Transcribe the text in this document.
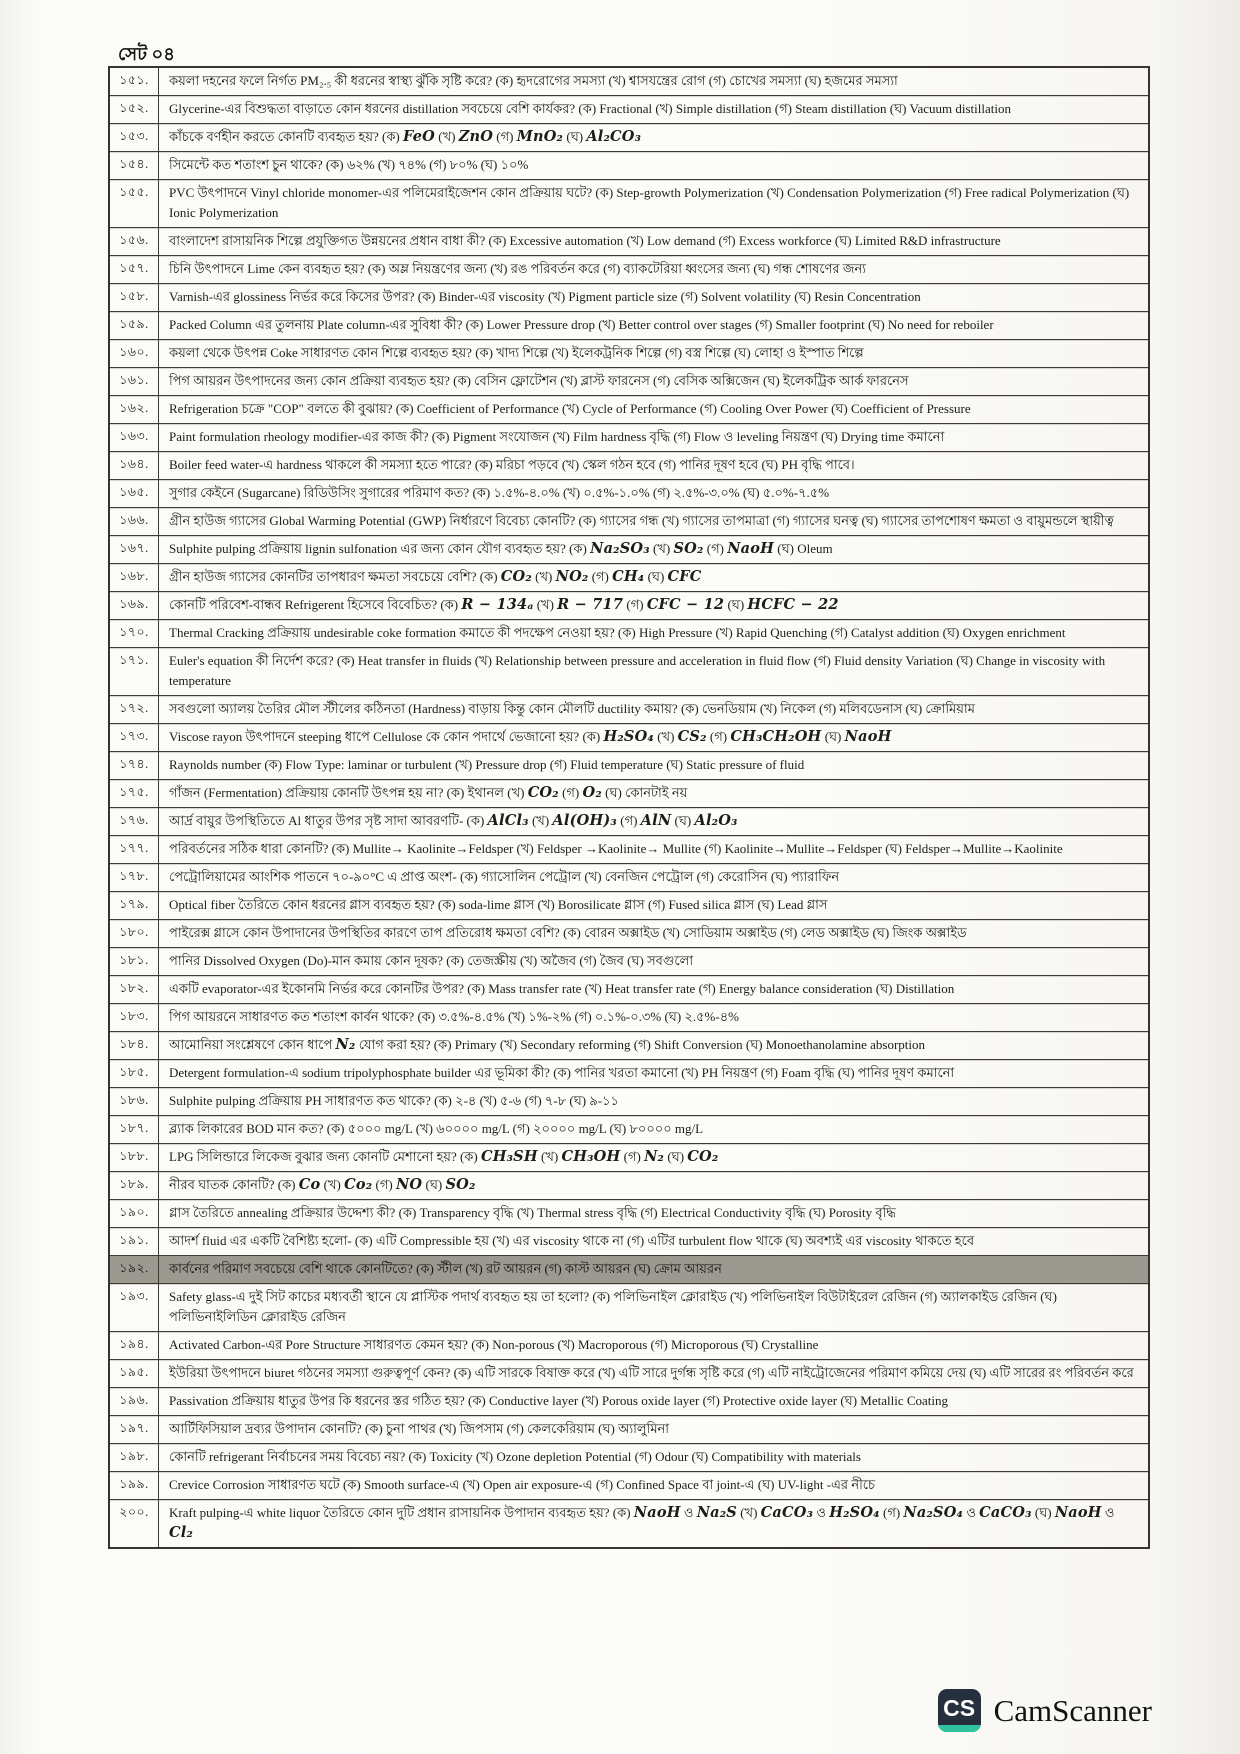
সেট ০৪
১৫১.	কয়লা দহনের ফলে নির্গত PM₂.₅ কী ধরনের স্বাস্থ্য ঝুঁকি সৃষ্টি করে? (ক) হৃদরোগের সমস্যা (খ) শ্বাসযন্ত্রের রোগ (গ) চোখের সমস্যা (ঘ) হজমের সমস্যা
১৫২.	Glycerine-এর বিশুদ্ধতা বাড়াতে কোন ধরনের distillation সবচেয়ে বেশি কার্যকর? (ক) Fractional (খ) Simple distillation (গ) Steam distillation (ঘ) Vacuum distillation
১৫৩.	কাঁচকে বর্ণহীন করতে কোনটি ব্যবহৃত হয়? (ক) FeO (খ) ZnO (গ) MnO₂ (ঘ) Al₂CO₃
১৫৪.	সিমেন্টে কত শতাংশ চুন থাকে? (ক) ৬২% (খ) ৭৪% (গ) ৮০% (ঘ) ১০%
১৫৫.	PVC উৎপাদনে Vinyl chloride monomer-এর পলিমেরাইজেশন কোন প্রক্রিয়ায় ঘটে? (ক) Step-growth Polymerization (খ) Condensation Polymerization (গ) Free radical Polymerization (ঘ) Ionic Polymerization
১৫৬.	বাংলাদেশ রাসায়নিক শিল্পে প্রযুক্তিগত উন্নয়নের প্রধান বাধা কী? (ক) Excessive automation (খ) Low demand (গ) Excess workforce (ঘ) Limited R&D infrastructure
১৫৭.	চিনি উৎপাদনে Lime কেন ব্যবহৃত হয়? (ক) অম্ল নিয়ন্ত্রণের জন্য (খ) রঙ পরিবর্তন করে (গ) ব্যাকটেরিয়া ধ্বংসের জন্য (ঘ) গন্ধ শোষণের জন্য
১৫৮.	Varnish-এর glossiness নির্ভর করে কিসের উপর? (ক) Binder-এর viscosity (খ) Pigment particle size (গ) Solvent volatility (ঘ) Resin Concentration
১৫৯.	Packed Column এর তুলনায় Plate column-এর সুবিধা কী? (ক) Lower Pressure drop (খ) Better control over stages (গ) Smaller footprint (ঘ) No need for reboiler
১৬০.	কয়লা থেকে উৎপন্ন Coke সাধারণত কোন শিল্পে ব্যবহৃত হয়? (ক) খাদ্য শিল্পে (খ) ইলেকট্রনিক শিল্পে (গ) বস্ত্র শিল্পে (ঘ) লোহা ও ইস্পাত শিল্পে
১৬১.	পিগ আয়রন উৎপাদনের জন্য কোন প্রক্রিয়া ব্যবহৃত হয়? (ক) বেসিন ফ্লোটেশন (খ) ব্লাস্ট ফারনেস (গ) বেসিক অক্সিজেন (ঘ) ইলেকট্রিক আর্ক ফারনেস
১৬২.	Refrigeration চক্রে "COP" বলতে কী বুঝায়? (ক) Coefficient of Performance (খ) Cycle of Performance (গ) Cooling Over Power (ঘ) Coefficient of Pressure
১৬৩.	Paint formulation rheology modifier-এর কাজ কী? (ক) Pigment সংযোজন (খ) Film hardness বৃদ্ধি (গ) Flow ও leveling নিয়ন্ত্রণ (ঘ) Drying time কমানো
১৬৪.	Boiler feed water-এ hardness থাকলে কী সমস্যা হতে পারে? (ক) মরিচা পড়বে (খ) স্কেল গঠন হবে (গ) পানির দূষণ হবে (ঘ) PH বৃদ্ধি পাবে।
১৬৫.	সুগার কেইনে (Sugarcane) রিডিউসিং সুগারের পরিমাণ কত? (ক) ১.৫%-৪.০% (খ) ০.৫%-১.০% (গ) ২.৫%-৩.০% (ঘ) ৫.০%-৭.৫%
১৬৬.	গ্রীন হাউজ গ্যাসের Global Warming Potential (GWP) নির্ধারণে বিবেচ্য কোনটি? (ক) গ্যাসের গন্ধ (খ) গ্যাসের তাপমাত্রা (গ) গ্যাসের ঘনত্ব (ঘ) গ্যাসের তাপশোষণ ক্ষমতা ও বায়ুমন্ডলে স্থায়ীত্ব
১৬৭.	Sulphite pulping প্রক্রিয়ায় lignin sulfonation এর জন্য কোন যৌগ ব্যবহৃত হয়? (ক) Na₂SO₃ (খ) SO₂ (গ) NaoH (ঘ) Oleum
১৬৮.	গ্রীন হাউজ গ্যাসের কোনটির তাপধারণ ক্ষমতা সবচেয়ে বেশি? (ক) CO₂ (খ) NO₂ (গ) CH₄ (ঘ) CFC
১৬৯.	কোনটি পরিবেশ-বান্ধব Refrigerent হিসেবে বিবেচিত? (ক) R − 134ₐ (খ) R − 717 (গ) CFC − 12 (ঘ) HCFC − 22
১৭০.	Thermal Cracking প্রক্রিয়ায় undesirable coke formation কমাতে কী পদক্ষেপ নেওয়া হয়? (ক) High Pressure (খ) Rapid Quenching (গ) Catalyst addition (ঘ) Oxygen enrichment
১৭১.	Euler's equation কী নির্দেশ করে? (ক) Heat transfer in fluids (খ) Relationship between pressure and acceleration in fluid flow (গ) Fluid density Variation (ঘ) Change in viscosity with temperature
১৭২.	সবগুলো অ্যালয় তৈরির মৌল স্টীলের কঠিনতা (Hardness) বাড়ায় কিন্তু কোন মৌলটি ductility কমায়? (ক) ভেনডিয়াম (খ) নিকেল (গ) মলিবডেনাস (ঘ) ক্রোমিয়াম
১৭৩.	Viscose rayon উৎপাদনে steeping ধাপে Cellulose কে কোন পদার্থে ভেজানো হয়? (ক) H₂SO₄ (খ) CS₂ (গ) CH₃CH₂OH (ঘ) NaoH
১৭৪.	Raynolds number (ক) Flow Type: laminar or turbulent (খ) Pressure drop (গ) Fluid temperature (ঘ) Static pressure of fluid
১৭৫.	গাঁজন (Fermentation) প্রক্রিয়ায় কোনটি উৎপন্ন হয় না? (ক) ইথানল (খ) CO₂ (গ) O₂ (ঘ) কোনটাই নয়
১৭৬.	আর্দ্র বায়ুর উপস্থিতিতে Al ধাতুর উপর সৃষ্ট সাদা আবরণটি- (ক) AlCl₃ (খ) Al(OH)₃ (গ) AlN (ঘ) Al₂O₃
১৭৭.	পরিবর্তনের সঠিক ধারা কোনটি? (ক) Mullite→ Kaolinite→Feldsper (খ) Feldsper →Kaolinite→ Mullite (গ) Kaolinite→Mullite→Feldsper (ঘ) Feldsper→Mullite→Kaolinite
১৭৮.	পেট্রোলিয়ামের আংশিক পাতনে ৭০-৯০°C এ প্রাপ্ত অংশ- (ক) গ্যাসোলিন পেট্রোল (খ) বেনজিন পেট্রোল (গ) কেরোসিন (ঘ) প্যারাফিন
১৭৯.	Optical fiber তৈরিতে কোন ধরনের গ্লাস ব্যবহৃত হয়? (ক) soda-lime গ্লাস (খ) Borosilicate গ্লাস (গ) Fused silica গ্লাস (ঘ) Lead গ্লাস
১৮০.	পাইরেক্স গ্লাসে কোন উপাদানের উপস্থিতির কারণে তাপ প্রতিরোধ ক্ষমতা বেশি? (ক) বোরন অক্সাইড (খ) সোডিয়াম অক্সাইড (গ) লেড অক্সাইড (ঘ) জিংক অক্সাইড
১৮১.	পানির Dissolved Oxygen (Do)-মান কমায় কোন দূষক? (ক) তেজস্ক্রীয় (খ) অজৈব (গ) জৈব (ঘ) সবগুলো
১৮২.	একটি evaporator-এর ইকোনমি নির্ভর করে কোনটির উপর? (ক) Mass transfer rate (খ) Heat transfer rate (গ) Energy balance consideration (ঘ) Distillation
১৮৩.	পিগ আয়রনে সাধারণত কত শতাংশ কার্বন থাকে? (ক) ৩.৫%-৪.৫% (খ) ১%-২% (গ) ০.১%-০.৩% (ঘ) ২.৫%-৪%
১৮৪.	আমোনিয়া সংশ্লেষণে কোন ধাপে N₂ যোগ করা হয়? (ক) Primary (খ) Secondary reforming (গ) Shift Conversion (ঘ) Monoethanolamine absorption
১৮৫.	Detergent formulation-এ sodium tripolyphosphate builder এর ভূমিকা কী? (ক) পানির খরতা কমানো (খ) PH নিয়ন্ত্রণ (গ) Foam বৃদ্ধি (ঘ) পানির দূষণ কমানো
১৮৬.	Sulphite pulping প্রক্রিয়ায় PH সাধারণত কত থাকে? (ক) ২-৪ (খ) ৫-৬ (গ) ৭-৮ (ঘ) ৯-১১
১৮৭.	ব্ল্যাক লিকারের BOD মান কত? (ক) ৫০০০ mg/L (খ) ৬০০০০ mg/L (গ) ২০০০০ mg/L (ঘ) ৮০০০০ mg/L
১৮৮.	LPG সিলিন্ডারে লিকেজ বুঝার জন্য কোনটি মেশানো হয়? (ক) CH₃SH (খ) CH₃OH (গ) N₂ (ঘ) CO₂
১৮৯.	নীরব ঘাতক কোনটি? (ক) Co (খ) Co₂ (গ) NO (ঘ) SO₂
১৯০.	গ্লাস তৈরিতে annealing প্রক্রিয়ার উদ্দেশ্য কী? (ক) Transparency বৃদ্ধি (খ) Thermal stress বৃদ্ধি (গ) Electrical Conductivity বৃদ্ধি (ঘ) Porosity বৃদ্ধি
১৯১.	আদর্শ fluid এর একটি বৈশিষ্ট্য হলো- (ক) এটি Compressible হয় (খ) এর viscosity থাকে না (গ) এটির turbulent flow থাকে (ঘ) অবশ্যই এর viscosity থাকতে হবে
১৯২.	কার্বনের পরিমাণ সবচেয়ে বেশি থাকে কোনটিতে? (ক) স্টীল (খ) রট আয়রন (গ) কাস্ট আয়রন (ঘ) ক্রোম আয়রন
১৯৩.	Safety glass-এ দুই সিট কাচের মধ্যবর্তী স্থানে যে প্লাস্টিক পদার্থ ব্যবহৃত হয় তা হলো? (ক) পলিভিনাইল ক্লোরাইড (খ) পলিভিনাইল বিউটাইরেল রেজিন (গ) অ্যালকাইড রেজিন (ঘ) পলিভিনাইলিডিন ক্লোরাইড রেজিন
১৯৪.	Activated Carbon-এর Pore Structure সাধারণত কেমন হয়? (ক) Non-porous (খ) Macroporous (গ) Microporous (ঘ) Crystalline
১৯৫.	ইউরিয়া উৎপাদনে biuret গঠনের সমস্যা গুরুত্বপূর্ণ কেন? (ক) এটি সারকে বিষাক্ত করে (খ) এটি সারে দুর্গন্ধ সৃষ্টি করে (গ) এটি নাইট্রোজেনের পরিমাণ কমিয়ে দেয় (ঘ) এটি সারের রং পরিবর্তন করে
১৯৬.	Passivation প্রক্রিয়ায় ধাতুর উপর কি ধরনের স্তর গঠিত হয়? (ক) Conductive layer (খ) Porous oxide layer (গ) Protective oxide layer (ঘ) Metallic Coating
১৯৭.	আর্টিফিসিয়াল দ্রব্যর উপাদান কোনটি? (ক) চুনা পাথর (খ) জিপসাম (গ) কেলকেরিয়াম (ঘ) অ্যালুমিনা
১৯৮.	কোনটি refrigerant নির্বাচনের সময় বিবেচ্য নয়? (ক) Toxicity (খ) Ozone depletion Potential (গ) Odour (ঘ) Compatibility with materials
১৯৯.	Crevice Corrosion সাধারণত ঘটে (ক) Smooth surface-এ (খ) Open air exposure-এ (গ) Confined Space বা joint-এ (ঘ) UV-light -এর নীচে
২০০.	Kraft pulping-এ white liquor তৈরিতে কোন দুটি প্রধান রাসায়নিক উপাদান ব্যবহৃত হয়? (ক) NaoH ও Na₂S (খ) CaCO₃ ও H₂SO₄ (গ) Na₂SO₄ ও CaCO₃ (ঘ) NaoH ও Cl₂
CS CamScanner
